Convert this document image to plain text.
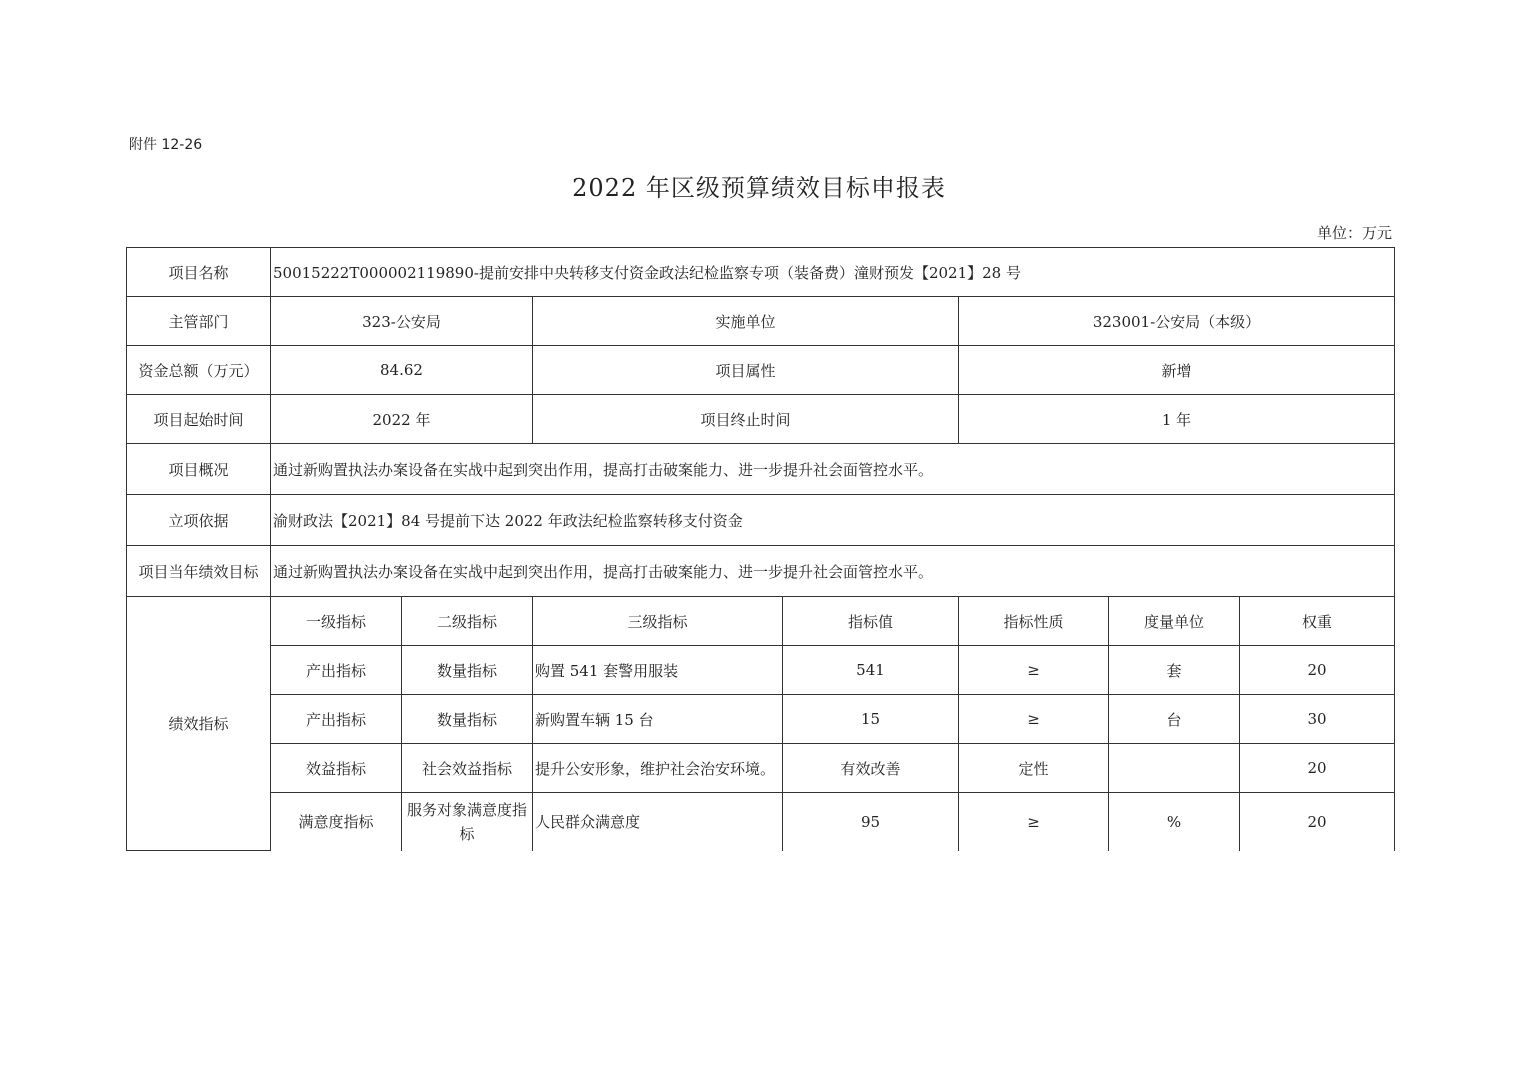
附件 12-26
2022 年区级预算绩效目标申报表
单位：万元
项目名称	50015222T000002119890-提前安排中央转移支付资金政法纪检监察专项（装备费）潼财预发【2021】28 号						
主管部门	323-公安局		实施单位		323001-公安局（本级）		
资金总额（万元）	84.62		项目属性		新增		
项目起始时间	2022 年		项目终止时间		1 年		
项目概况	通过新购置执法办案设备在实战中起到突出作用，提高打击破案能力、进一步提升社会面管控水平。						
立项依据	渝财政法【2021】84 号提前下达 2022 年政法纪检监察转移支付资金						
项目当年绩效目标	通过新购置执法办案设备在实战中起到突出作用，提高打击破案能力、进一步提升社会面管控水平。						
绩效指标	一级指标	二级指标	三级指标	指标值	指标性质	度量单位	权重
	产出指标	数量指标	购置 541 套警用服装	541	≥	套	20
	产出指标	数量指标	新购置车辆 15 台	15	≥	台	30
	效益指标	社会效益指标	提升公安形象，维护社会治安环境。	有效改善	定性		20
	满意度指标	服务对象满意度指标	人民群众满意度	95	≥	%	20
